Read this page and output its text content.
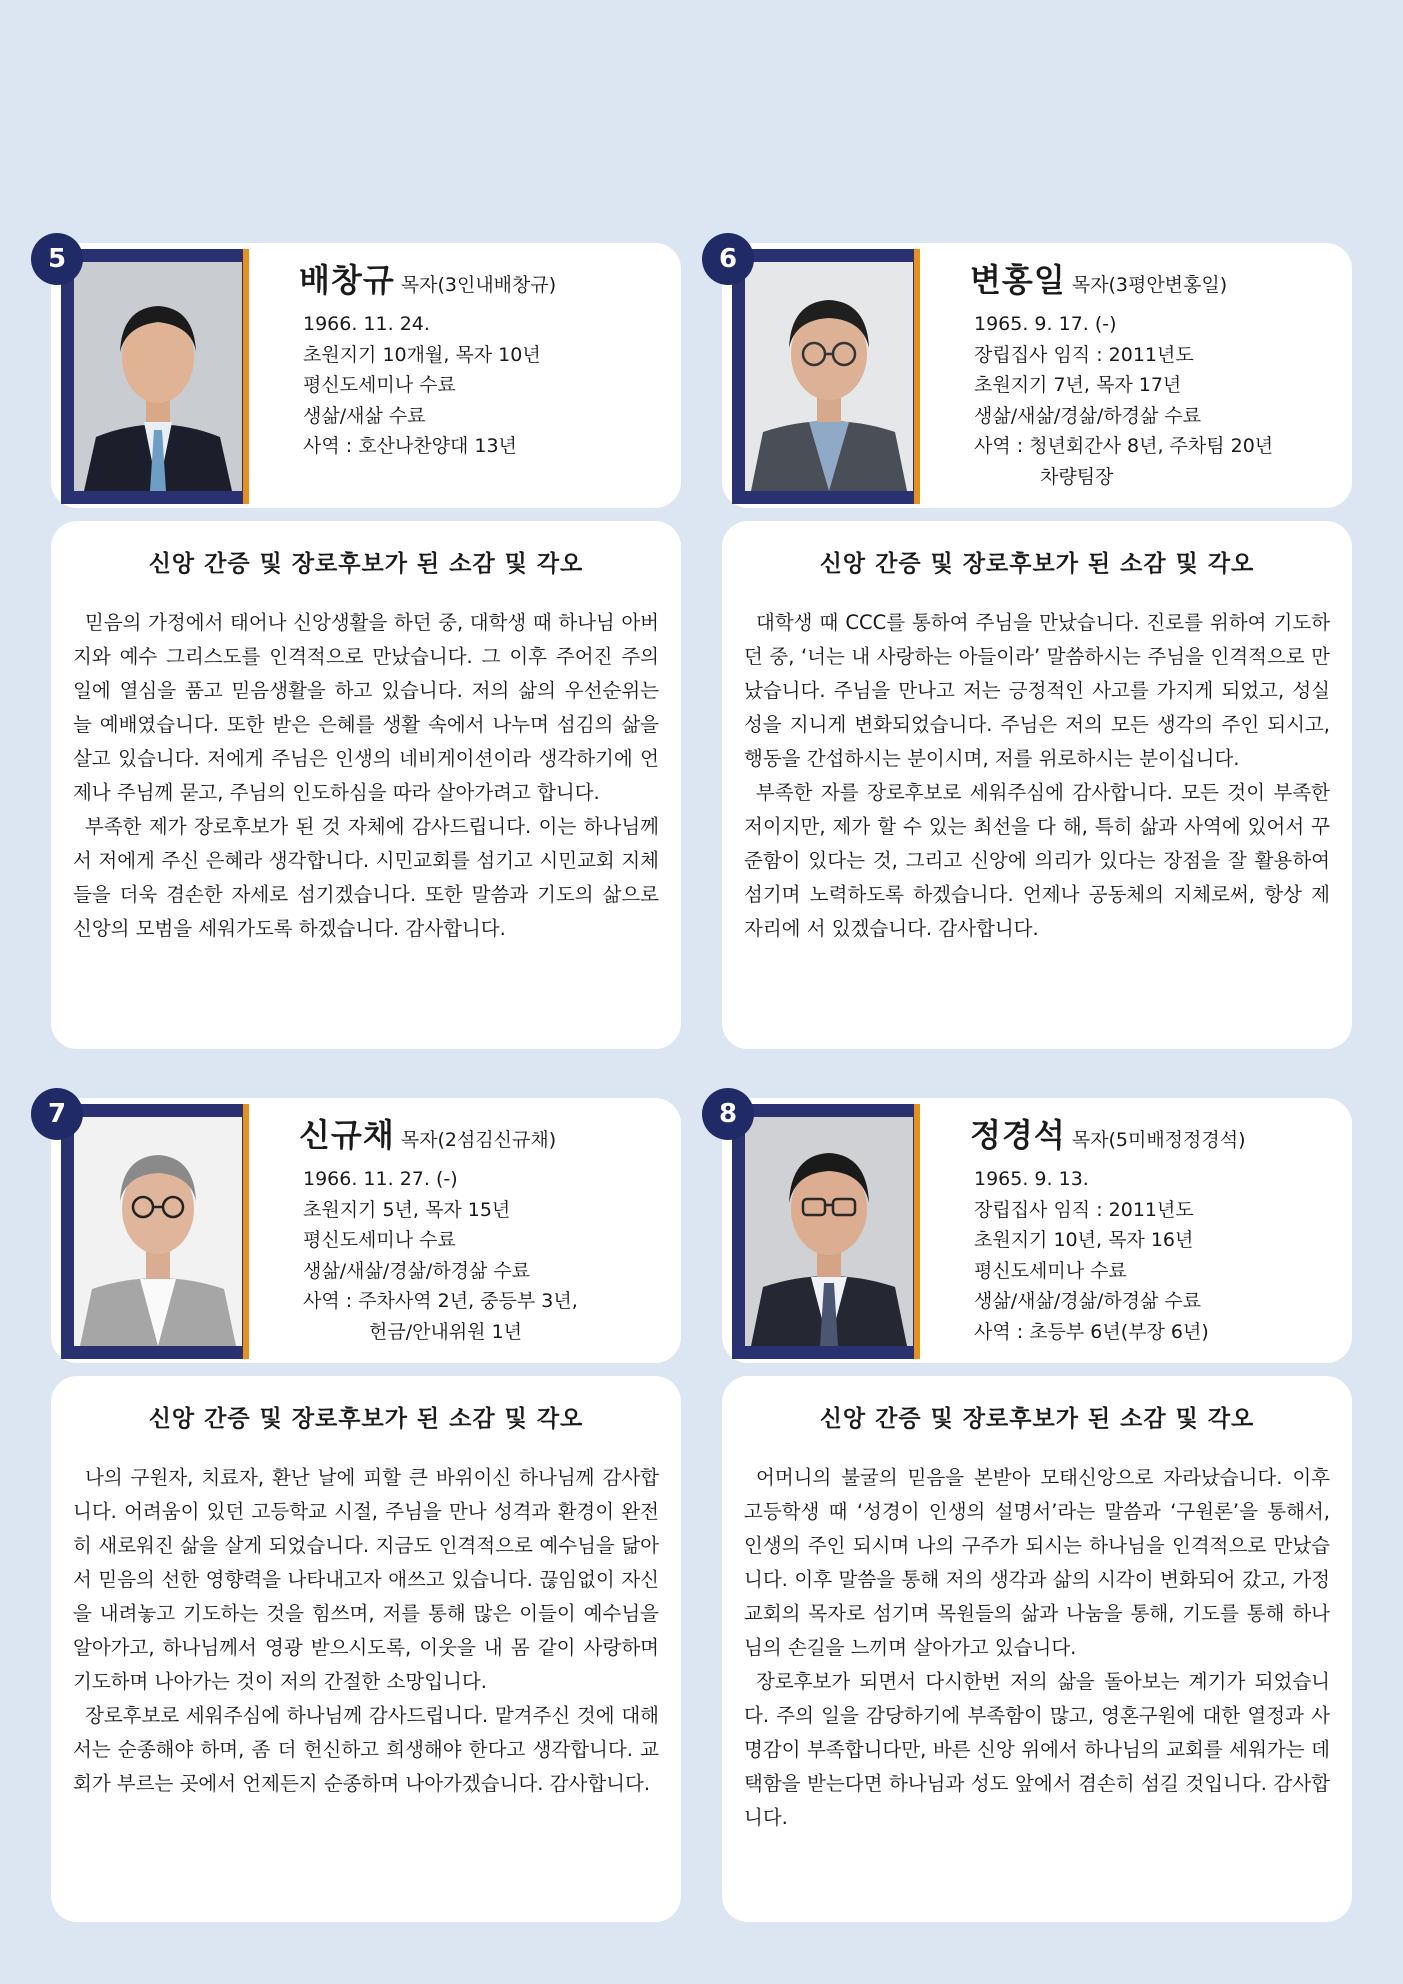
5
배창규 목자(3인내배창규)
1966. 11. 24.
초원지기 10개월, 목자 10년
평신도세미나 수료
생삶/새삶 수료
사역 : 호산나찬양대 13년
신앙 간증 및 장로후보가 된 소감 및 각오

믿음의 가정에서 태어나 신앙생활을 하던 중, 대학생 때 하나님 아버지와 예수 그리스도를 인격적으로 만났습니다. 그 이후 주어진 주의 일에 열심을 품고 믿음생활을 하고 있습니다. 저의 삶의 우선순위는 늘 예배였습니다. 또한 받은 은혜를 생활 속에서 나누며 섬김의 삶을 살고 있습니다. 저에게 주님은 인생의 네비게이션이라 생각하기에 언제나 주님께 묻고, 주님의 인도하심을 따라 살아가려고 합니다.

부족한 제가 장로후보가 된 것 자체에 감사드립니다. 이는 하나님께서 저에게 주신 은혜라 생각합니다. 시민교회를 섬기고 시민교회 지체들을 더욱 겸손한 자세로 섬기겠습니다. 또한 말씀과 기도의 삶으로 신앙의 모범을 세워가도록 하겠습니다. 감사합니다.

6
변홍일 목자(3평안변홍일)
1965. 9. 17. (-)
장립집사 임직 : 2011년도
초원지기 7년, 목자 17년
생삶/새삶/경삶/하경삶 수료
사역 : 청년회간사 8년, 주차팀 20년
차량팀장
신앙 간증 및 장로후보가 된 소감 및 각오

대학생 때 CCC를 통하여 주님을 만났습니다. 진로를 위하여 기도하던 중, ‘너는 내 사랑하는 아들이라’ 말씀하시는 주님을 인격적으로 만났습니다. 주님을 만나고 저는 긍정적인 사고를 가지게 되었고, 성실성을 지니게 변화되었습니다. 주님은 저의 모든 생각의 주인 되시고, 행동을 간섭하시는 분이시며, 저를 위로하시는 분이십니다.

부족한 자를 장로후보로 세워주심에 감사합니다. 모든 것이 부족한 저이지만, 제가 할 수 있는 최선을 다 해, 특히 삶과 사역에 있어서 꾸준함이 있다는 것, 그리고 신앙에 의리가 있다는 장점을 잘 활용하여 섬기며 노력하도록 하겠습니다. 언제나 공동체의 지체로써, 항상 제 자리에 서 있겠습니다. 감사합니다.

7
신규채 목자(2섬김신규채)
1966. 11. 27. (-)
초원지기 5년, 목자 15년
평신도세미나 수료
생삶/새삶/경삶/하경삶 수료
사역 : 주차사역 2년, 중등부 3년,
헌금/안내위원 1년
신앙 간증 및 장로후보가 된 소감 및 각오

나의 구원자, 치료자, 환난 날에 피할 큰 바위이신 하나님께 감사합니다. 어려움이 있던 고등학교 시절, 주님을 만나 성격과 환경이 완전히 새로워진 삶을 살게 되었습니다. 지금도 인격적으로 예수님을 닮아서 믿음의 선한 영향력을 나타내고자 애쓰고 있습니다. 끊임없이 자신을 내려놓고 기도하는 것을 힘쓰며, 저를 통해 많은 이들이 예수님을 알아가고, 하나님께서 영광 받으시도록, 이웃을 내 몸 같이 사랑하며 기도하며 나아가는 것이 저의 간절한 소망입니다.

장로후보로 세워주심에 하나님께 감사드립니다. 맡겨주신 것에 대해서는 순종해야 하며, 좀 더 헌신하고 희생해야 한다고 생각합니다. 교회가 부르는 곳에서 언제든지 순종하며 나아가겠습니다. 감사합니다.

8
정경석 목자(5미배정정경석)
1965. 9. 13.
장립집사 임직 : 2011년도
초원지기 10년, 목자 16년
평신도세미나 수료
생삶/새삶/경삶/하경삶 수료
사역 : 초등부 6년(부장 6년)
신앙 간증 및 장로후보가 된 소감 및 각오

어머니의 불굴의 믿음을 본받아 모태신앙으로 자라났습니다. 이후 고등학생 때 ‘성경이 인생의 설명서’라는 말씀과 ‘구원론’을 통해서, 인생의 주인 되시며 나의 구주가 되시는 하나님을 인격적으로 만났습니다. 이후 말씀을 통해 저의 생각과 삶의 시각이 변화되어 갔고, 가정교회의 목자로 섬기며 목원들의 삶과 나눔을 통해, 기도를 통해 하나님의 손길을 느끼며 살아가고 있습니다.

장로후보가 되면서 다시한번 저의 삶을 돌아보는 계기가 되었습니다. 주의 일을 감당하기에 부족함이 많고, 영혼구원에 대한 열정과 사명감이 부족합니다만, 바른 신앙 위에서 하나님의 교회를 세워가는 데 택함을 받는다면 하나님과 성도 앞에서 겸손히 섬길 것입니다. 감사합니다.
